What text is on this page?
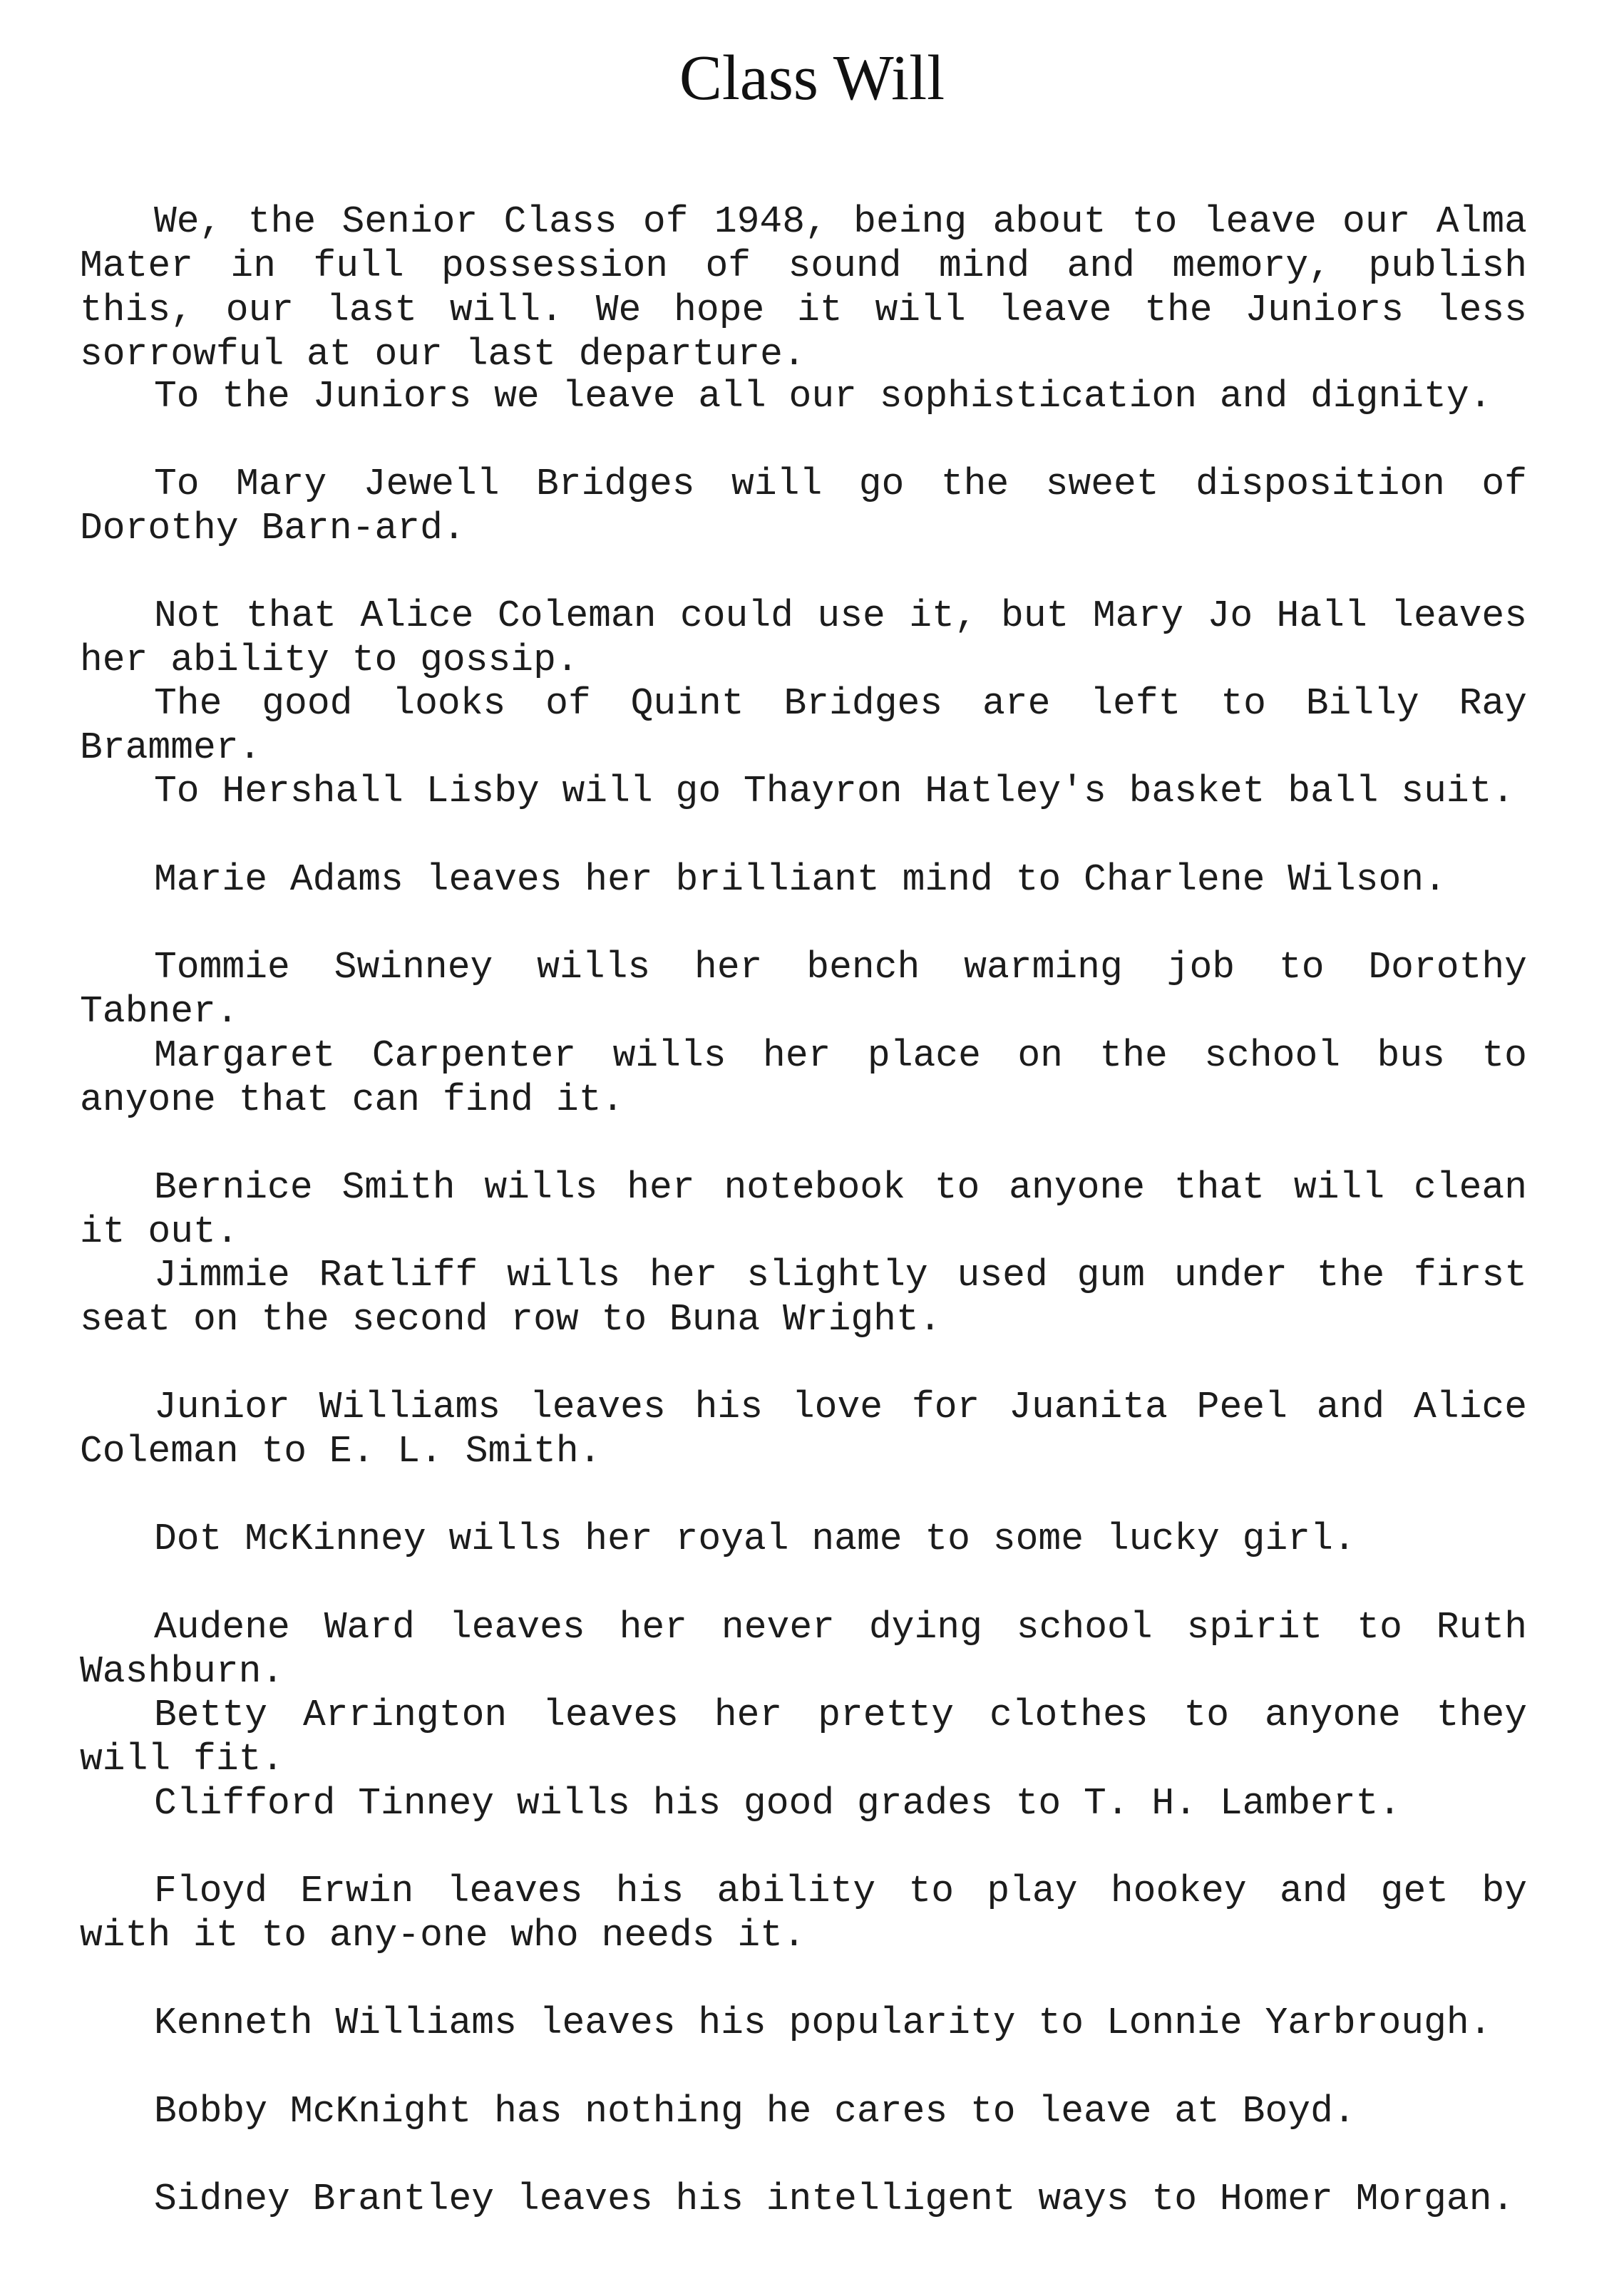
Class Will

We, the Senior Class of 1948, being about to leave our Alma Mater in full possession of sound mind and memory, publish this, our last will. We hope it will leave the Juniors less sorrowful at our last departure.

To the Juniors we leave all our sophistication and dignity.

To Mary Jewell Bridges will go the sweet disposition of Dorothy Barn-ard.

Not that Alice Coleman could use it, but Mary Jo Hall leaves her ability to gossip.

The good looks of Quint Bridges are left to Billy Ray Brammer.

To Hershall Lisby will go Thayron Hatley's basket ball suit.

Marie Adams leaves her brilliant mind to Charlene Wilson.

Tommie Swinney wills her bench warming job to Dorothy Tabner.

Margaret Carpenter wills her place on the school bus to anyone that can find it.

Bernice Smith wills her notebook to anyone that will clean it out.

Jimmie Ratliff wills her slightly used gum under the first seat on the second row to Buna Wright.

Junior Williams leaves his love for Juanita Peel and Alice Coleman to E. L. Smith.

Dot McKinney wills her royal name to some lucky girl.

Audene Ward leaves her never dying school spirit to Ruth Washburn.

Betty Arrington leaves her pretty clothes to anyone they will fit.

Clifford Tinney wills his good grades to T. H. Lambert.

Floyd Erwin leaves his ability to play hookey and get by with it to any-one who needs it.

Kenneth Williams leaves his popularity to Lonnie Yarbrough.

Bobby McKnight has nothing he cares to leave at Boyd.

Sidney Brantley leaves his intelligent ways to Homer Morgan.
